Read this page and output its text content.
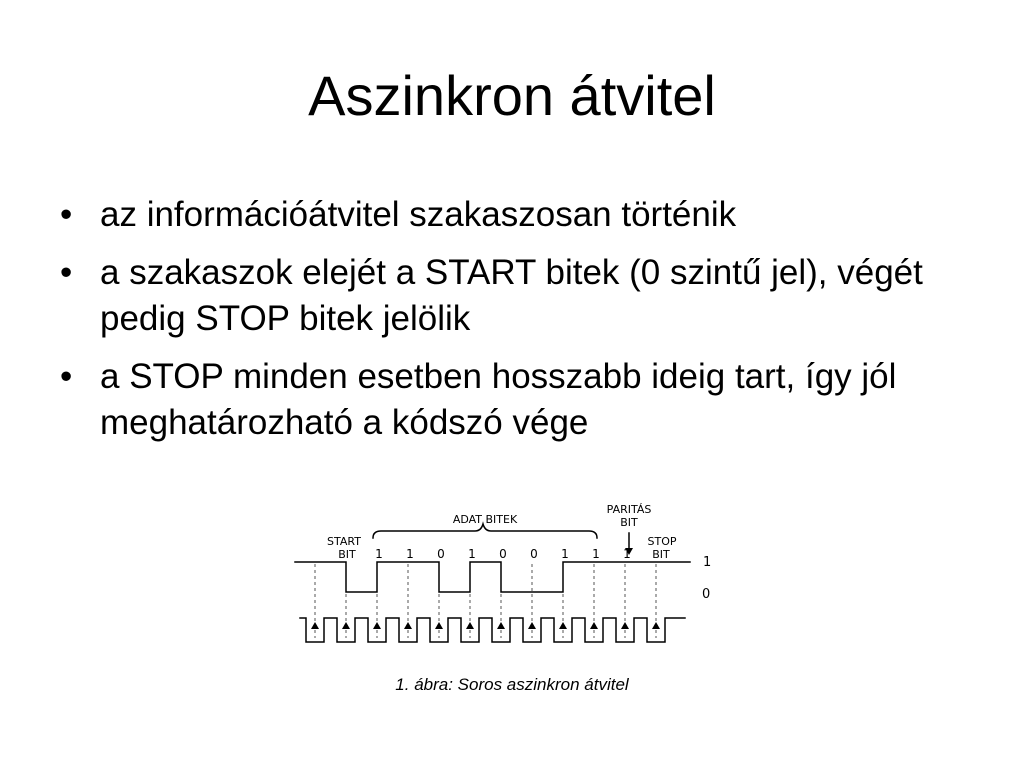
Aszinkron átvitel
• az információátvitel szakaszosan történik
• a szakaszok elejét a START bitek (0 szintű jel), végét pedig STOP bitek jelölik
• a STOP minden esetben hosszabb ideig tart, így jól meghatározható a kódszó vége
ADAT BITEK
PARITÁS
BIT
START
BIT
STOP
BIT
1
0
1 1 0 1 0 0 1 1 1
1. ábra: Soros aszinkron átvitel
